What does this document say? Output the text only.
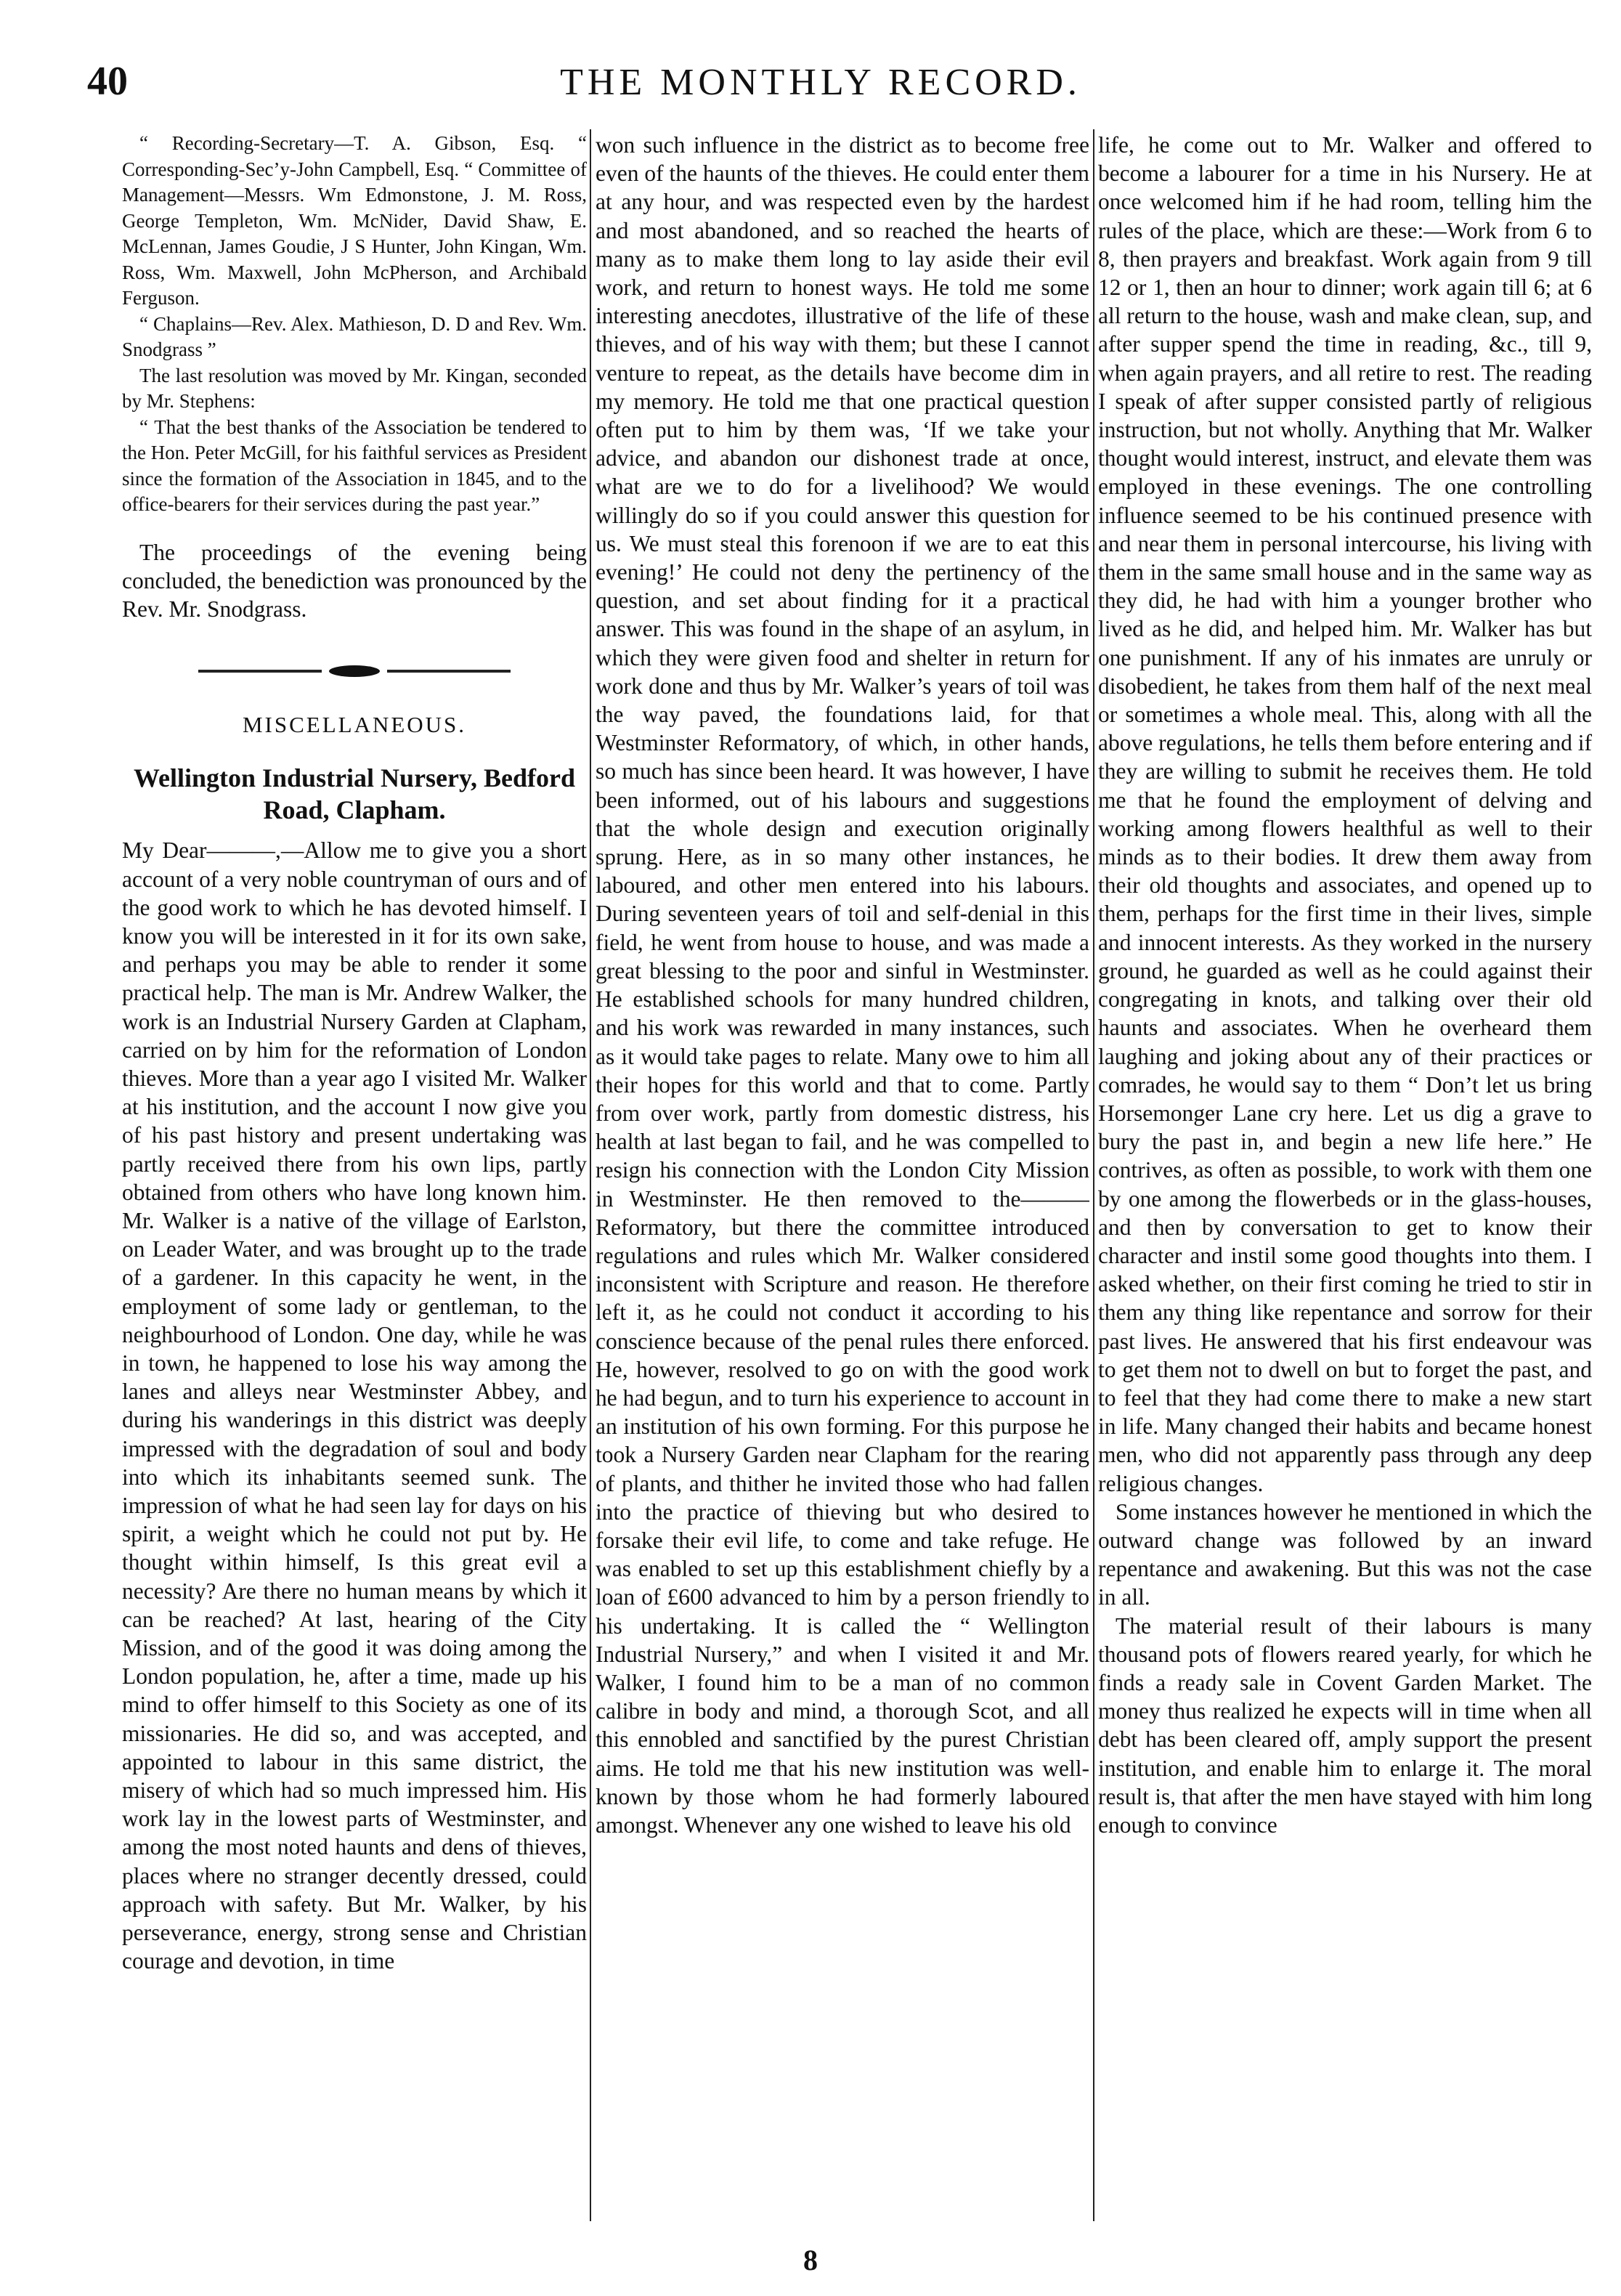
40	THE MONTHLY RECORD.

“ Recording-Secretary—T. A. Gibson, Esq. “ Corresponding-Sec’y-John Campbell, Esq. “ Committee of Management—Messrs. Wm Edmonstone, J. M. Ross, George Templeton, Wm. McNider, David Shaw, E. McLennan, James Goudie, J S Hunter, John Kingan, Wm. Ross, Wm. Maxwell, John McPherson, and Archibald Ferguson.

“ Chaplains—Rev. Alex. Mathieson, D. D and Rev. Wm. Snodgrass ”

The last resolution was moved by Mr. Kingan, seconded by Mr. Stephens:

“ That the best thanks of the Association be tendered to the Hon. Peter McGill, for his faithful services as President since the formation of the Association in 1845, and to the office-bearers for their services during the past year.”

The proceedings of the evening being concluded, the benediction was pronounced by the Rev. Mr. Snodgrass.

MISCELLANEOUS.
Wellington Industrial Nursery, Bedford Road, Clapham.

My Dear———,—Allow me to give you a short account of a very noble countryman of ours and of the good work to which he has devoted himself. I know you will be interested in it for its own sake, and perhaps you may be able to render it some practical help. The man is Mr. Andrew Walker, the work is an Industrial Nursery Garden at Clapham, carried on by him for the reformation of London thieves. More than a year ago I visited Mr. Walker at his institution, and the account I now give you of his past history and present undertaking was partly received there from his own lips, partly obtained from others who have long known him. Mr. Walker is a native of the village of Earlston, on Leader Water, and was brought up to the trade of a gardener. In this capacity he went, in the employment of some lady or gentleman, to the neighbourhood of London. One day, while he was in town, he happened to lose his way among the lanes and alleys near Westminster Abbey, and during his wanderings in this district was deeply impressed with the degradation of soul and body into which its inhabitants seemed sunk. The impression of what he had seen lay for days on his spirit, a weight which he could not put by. He thought within himself, Is this great evil a necessity? Are there no human means by which it can be reached? At last, hearing of the City Mission, and of the good it was doing among the London population, he, after a time, made up his mind to offer himself to this Society as one of its missionaries. He did so, and was accepted, and appointed to labour in this same district, the misery of which had so much impressed him. His work lay in the lowest parts of Westminster, and among the most noted haunts and dens of thieves, places where no stranger decently dressed, could approach with safety. But Mr. Walker, by his perseverance, energy, strong sense and Christian courage and devotion, in time

won such influence in the district as to become free even of the haunts of the thieves. He could enter them at any hour, and was respected even by the hardest and most abandoned, and so reached the hearts of many as to make them long to lay aside their evil work, and return to honest ways. He told me some interesting anecdotes, illustrative of the life of these thieves, and of his way with them; but these I cannot venture to repeat, as the details have become dim in my memory. He told me that one practical question often put to him by them was, ‘If we take your advice, and abandon our dishonest trade at once, what are we to do for a livelihood? We would willingly do so if you could answer this question for us. We must steal this forenoon if we are to eat this evening!’ He could not deny the pertinency of the question, and set about finding for it a practical answer. This was found in the shape of an asylum, in which they were given food and shelter in return for work done and thus by Mr. Walker’s years of toil was the way paved, the foundations laid, for that Westminster Reformatory, of which, in other hands, so much has since been heard. It was however, I have been informed, out of his labours and suggestions that the whole design and execution originally sprung. Here, as in so many other instances, he laboured, and other men entered into his labours. During seventeen years of toil and self-denial in this field, he went from house to house, and was made a great blessing to the poor and sinful in Westminster. He established schools for many hundred children, and his work was rewarded in many instances, such as it would take pages to relate. Many owe to him all their hopes for this world and that to come. Partly from over work, partly from domestic distress, his health at last began to fail, and he was compelled to resign his connection with the London City Mission in Westminster. He then removed to the——— Reformatory, but there the committee introduced regulations and rules which Mr. Walker considered inconsistent with Scripture and reason. He therefore left it, as he could not conduct it according to his conscience because of the penal rules there enforced. He, however, resolved to go on with the good work he had begun, and to turn his experience to account in an institution of his own forming. For this purpose he took a Nursery Garden near Clapham for the rearing of plants, and thither he invited those who had fallen into the practice of thieving but who desired to forsake their evil life, to come and take refuge. He was enabled to set up this establishment chiefly by a loan of £600 advanced to him by a person friendly to his undertaking. It is called the “ Wellington Industrial Nursery,” and when I visited it and Mr. Walker, I found him to be a man of no common calibre in body and mind, a thorough Scot, and all this ennobled and sanctified by the purest Christian aims. He told me that his new institution was well-known by those whom he had formerly laboured amongst. Whenever any one wished to leave his old

life, he come out to Mr. Walker and offered to become a labourer for a time in his Nursery. He at once welcomed him if he had room, telling him the rules of the place, which are these:—Work from 6 to 8, then prayers and breakfast. Work again from 9 till 12 or 1, then an hour to dinner; work again till 6; at 6 all return to the house, wash and make clean, sup, and after supper spend the time in reading, &c., till 9, when again prayers, and all retire to rest. The reading I speak of after supper consisted partly of religious instruction, but not wholly. Anything that Mr. Walker thought would interest, instruct, and elevate them was employed in these evenings. The one controlling influence seemed to be his continued presence with and near them in personal intercourse, his living with them in the same small house and in the same way as they did, he had with him a younger brother who lived as he did, and helped him. Mr. Walker has but one punishment. If any of his inmates are unruly or disobedient, he takes from them half of the next meal or sometimes a whole meal. This, along with all the above regulations, he tells them before entering and if they are willing to submit he receives them. He told me that he found the employment of delving and working among flowers healthful as well to their minds as to their bodies. It drew them away from their old thoughts and associates, and opened up to them, perhaps for the first time in their lives, simple and innocent interests. As they worked in the nursery ground, he guarded as well as he could against their congregating in knots, and talking over their old haunts and associates. When he overheard them laughing and joking about any of their practices or comrades, he would say to them “ Don’t let us bring Horsemonger Lane cry here. Let us dig a grave to bury the past in, and begin a new life here.” He contrives, as often as possible, to work with them one by one among the flowerbeds or in the glass-houses, and then by conversation to get to know their character and instil some good thoughts into them. I asked whether, on their first coming he tried to stir in them any thing like repentance and sorrow for their past lives. He answered that his first endeavour was to get them not to dwell on but to forget the past, and to feel that they had come there to make a new start in life. Many changed their habits and became honest men, who did not apparently pass through any deep religious changes.

Some instances however he mentioned in which the outward change was followed by an inward repentance and awakening. But this was not the case in all.

The material result of their labours is many thousand pots of flowers reared yearly, for which he finds a ready sale in Covent Garden Market. The money thus realized he expects will in time when all debt has been cleared off, amply support the present institution, and enable him to enlarge it. The moral result is, that after the men have stayed with him long enough to convince

8
